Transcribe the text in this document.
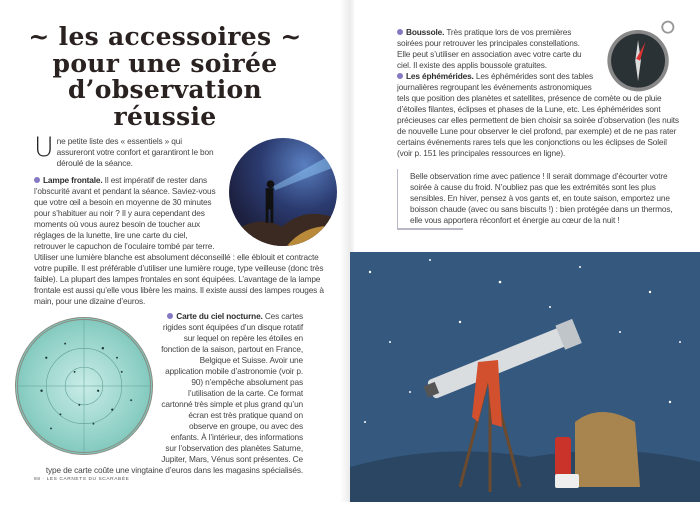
~ les accessoires ~
pour une soirée
d’observation
réussie

Une petite liste des « essentiels » qui assureront votre confort et garantiront le bon déroulé de la séance.

Lampe frontale. Il est impératif de rester dans l’obscurité avant et pendant la séance. Saviez-vous que votre œil a besoin en moyenne de 30 minutes pour s’habituer au noir ? Il y aura cependant des moments où vous aurez besoin de toucher aux réglages de la lunette, lire une carte du ciel, retrouver le capuchon de l’oculaire tombé par terre. Utiliser une lumière blanche est absolument déconseillé : elle éblouit et contracte votre pupille. Il est préférable d’utiliser une lumière rouge, type veilleuse (donc très faible). La plupart des lampes frontales en sont équipées. L’avantage de la lampe frontale est aussi qu’elle vous libère les mains. Il existe aussi des lampes rouges à main, pour une dizaine d’euros.

Carte du ciel nocturne. Ces cartes rigides sont équipées d’un disque rotatif sur lequel on repère les étoiles en fonction de la saison, partout en France, Belgique et Suisse. Avoir une application mobile d’astronomie (voir p. 90) n’empêche absolument pas l’utilisation de la carte. Ce format cartonné très simple et plus grand qu’un écran est très pratique quand on observe en groupe, ou avec des enfants. À l’intérieur, des informations sur l’observation des planètes Saturne, Jupiter, Mars, Vénus sont présentes. Ce type de carte coûte une vingtaine d’euros dans les magasins spécialisés.

88 · LES CARNETS DU SCARABÉE

Boussole. Très pratique lors de vos premières soirées pour retrouver les principales constellations. Elle peut s’utiliser en association avec votre carte du ciel. Il existe des applis boussole gratuites.

Les éphémérides. Les éphémérides sont des tables journalières regroupant les événements astronomiques tels que position des planètes et satellites, présence de comète ou de pluie d’étoiles filantes, éclipses et phases de la Lune, etc. Les éphémérides sont précieuses car elles permettent de bien choisir sa soirée d’observation (les nuits de nouvelle Lune pour observer le ciel profond, par exemple) et de ne pas rater certains événements rares tels que les conjonctions ou les éclipses de Soleil (voir p. 151 les principales ressources en ligne).

Belle observation rime avec patience ! Il serait dommage d’écourter votre soirée à cause du froid. N’oubliez pas que les extrémités sont les plus sensibles. En hiver, pensez à vos gants et, en toute saison, emportez une boisson chaude (avec ou sans biscuits !) : bien protégée dans un thermos, elle vous apportera réconfort et énergie au cœur de la nuit !
